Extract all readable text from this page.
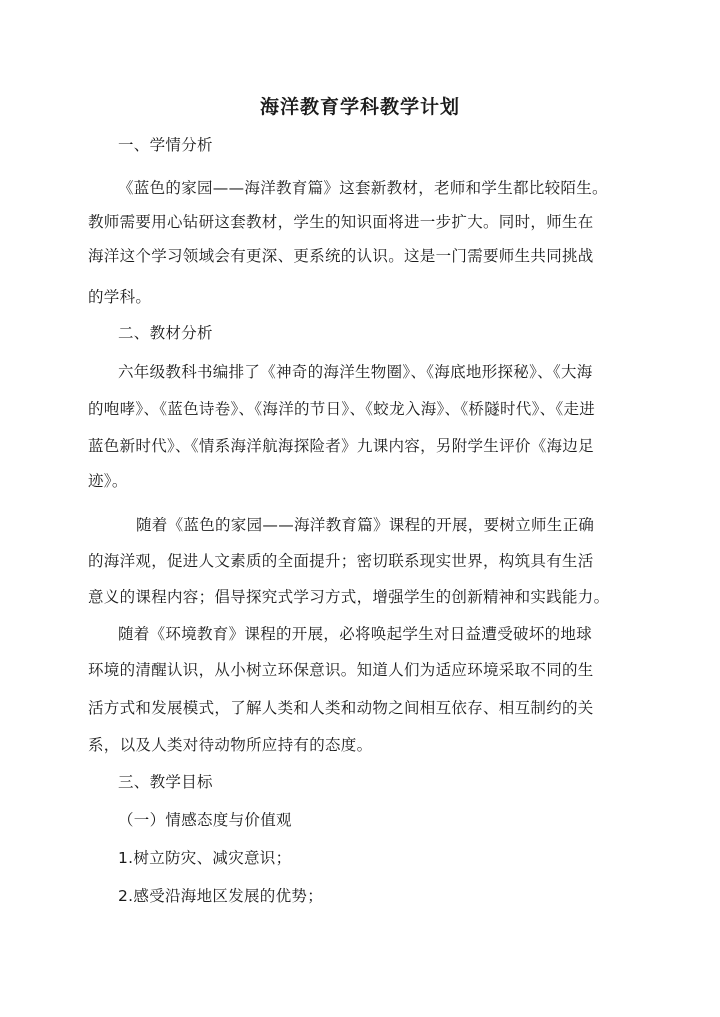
海洋教育学科教学计划
一、学情分析
《蓝色的家园——海洋教育篇》这套新教材，老师和学生都比较陌生。
教师需要用心钻研这套教材，学生的知识面将进一步扩大。同时，师生在
海洋这个学习领域会有更深、更系统的认识。这是一门需要师生共同挑战
的学科。
二、教材分析
六年级教科书编排了《神奇的海洋生物圈》、《海底地形探秘》、《大海
的咆哮》、《蓝色诗卷》、《海洋的节日》、《蛟龙入海》、《桥隧时代》、《走进
蓝色新时代》、《情系海洋航海探险者》九课内容，另附学生评价《海边足
迹》。
随着《蓝色的家园——海洋教育篇》课程的开展，要树立师生正确
的海洋观，促进人文素质的全面提升；密切联系现实世界，构筑具有生活
意义的课程内容；倡导探究式学习方式，增强学生的创新精神和实践能力。
随着《环境教育》课程的开展，必将唤起学生对日益遭受破坏的地球
环境的清醒认识，从小树立环保意识。知道人们为适应环境采取不同的生
活方式和发展模式，了解人类和人类和动物之间相互依存、相互制约的关
系，以及人类对待动物所应持有的态度。
三、教学目标
（一）情感态度与价值观
1.树立防灾、减灾意识；
2.感受沿海地区发展的优势；
